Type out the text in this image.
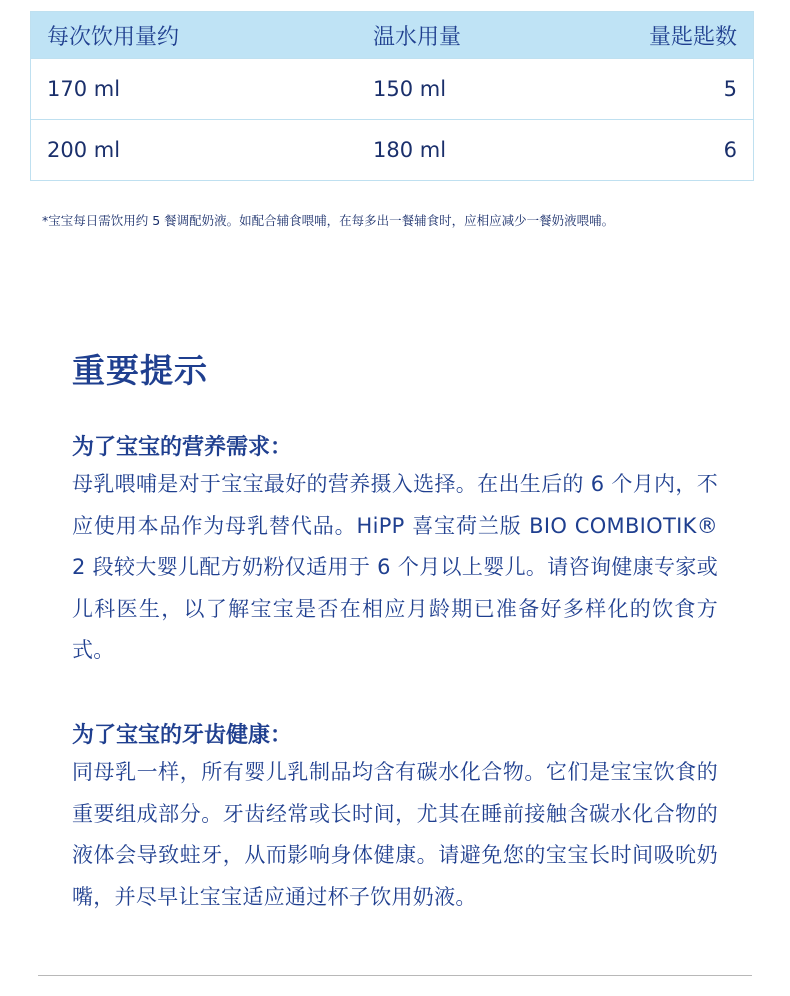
每次饮用量约	温水用量	量匙匙数
170 ml	150 ml	5
200 ml	180 ml	6
*宝宝每日需饮用约 5 餐调配奶液。如配合辅食喂哺，在每多出一餐辅食时，应相应减少一餐奶液喂哺。
重要提示
为了宝宝的营养需求：
母乳喂哺是对于宝宝最好的营养摄入选择。在出生后的 6 个月内，不应使用本品作为母乳替代品。HiPP 喜宝荷兰版 BIO COMBIOTIK® 2 段较大婴儿配方奶粉仅适用于 6 个月以上婴儿。请咨询健康专家或儿科医生，以了解宝宝是否在相应月龄期已准备好多样化的饮食方式。
为了宝宝的牙齿健康：
同母乳一样，所有婴儿乳制品均含有碳水化合物。它们是宝宝饮食的重要组成部分。牙齿经常或长时间，尤其在睡前接触含碳水化合物的液体会导致蛀牙，从而影响身体健康。请避免您的宝宝长时间吸吮奶嘴，并尽早让宝宝适应通过杯子饮用奶液。
